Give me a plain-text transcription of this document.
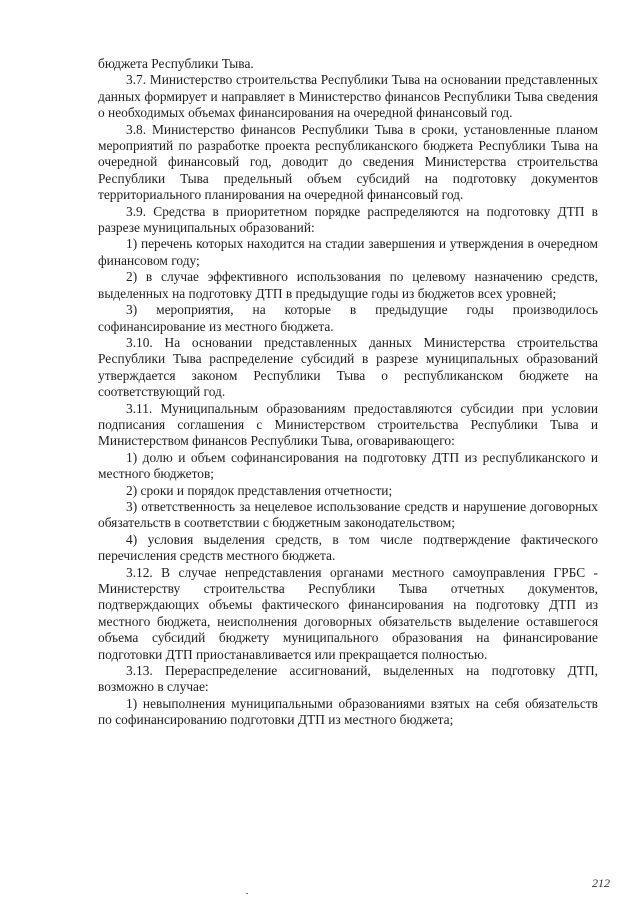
бюджета Республики Тыва.

3.7. Министерство строительства Республики Тыва на основании представленных данных формирует и направляет в Министерство финансов Республики Тыва сведения о необходимых объемах финансирования на очередной финансовый год.

3.8. Министерство финансов Республики Тыва в сроки, установленные планом мероприятий по разработке проекта республиканского бюджета Республики Тыва на очередной финансовый год, доводит до сведения Министерства строительства Республики Тыва предельный объем субсидий на подготовку документов территориального планирования на очередной финансовый год.

3.9. Средства в приоритетном порядке распределяются на подготовку ДТП в разрезе муниципальных образований:

1) перечень которых находится на стадии завершения и утверждения в очередном финансовом году;

2) в случае эффективного использования по целевому назначению средств, выделенных на подготовку ДТП в предыдущие годы из бюджетов всех уровней;

3) мероприятия, на которые в предыдущие годы производилось софинансирование из местного бюджета.

3.10. На основании представленных данных Министерства строительства Республики Тыва распределение субсидий в разрезе муниципальных образований утверждается законом Республики Тыва о республиканском бюджете на соответствующий год.

3.11. Муниципальным образованиям предоставляются субсидии при условии подписания соглашения с Министерством строительства Республики Тыва и Министерством финансов Республики Тыва, оговаривающего:

1) долю и объем софинансирования на подготовку ДТП из республиканского и местного бюджетов;

2) сроки и порядок представления отчетности;

3) ответственность за нецелевое использование средств и нарушение договорных обязательств в соответствии с бюджетным законодательством;

4) условия выделения средств, в том числе подтверждение фактического перечисления средств местного бюджета.

3.12. В случае непредставления органами местного самоуправления ГРБС - Министерству строительства Республики Тыва отчетных документов, подтверждающих объемы фактического финансирования на подготовку ДТП из местного бюджета, неисполнения договорных обязательств выделение оставшегося объема субсидий бюджету муниципального образования на финансирование подготовки ДТП приостанавливается или прекращается полностью.

3.13. Перераспределение ассигнований, выделенных на подготовку ДТП, возможно в случае:

1) невыполнения муниципальными образованиями взятых на себя обязательств по софинансированию подготовки ДТП из местного бюджета;

212
